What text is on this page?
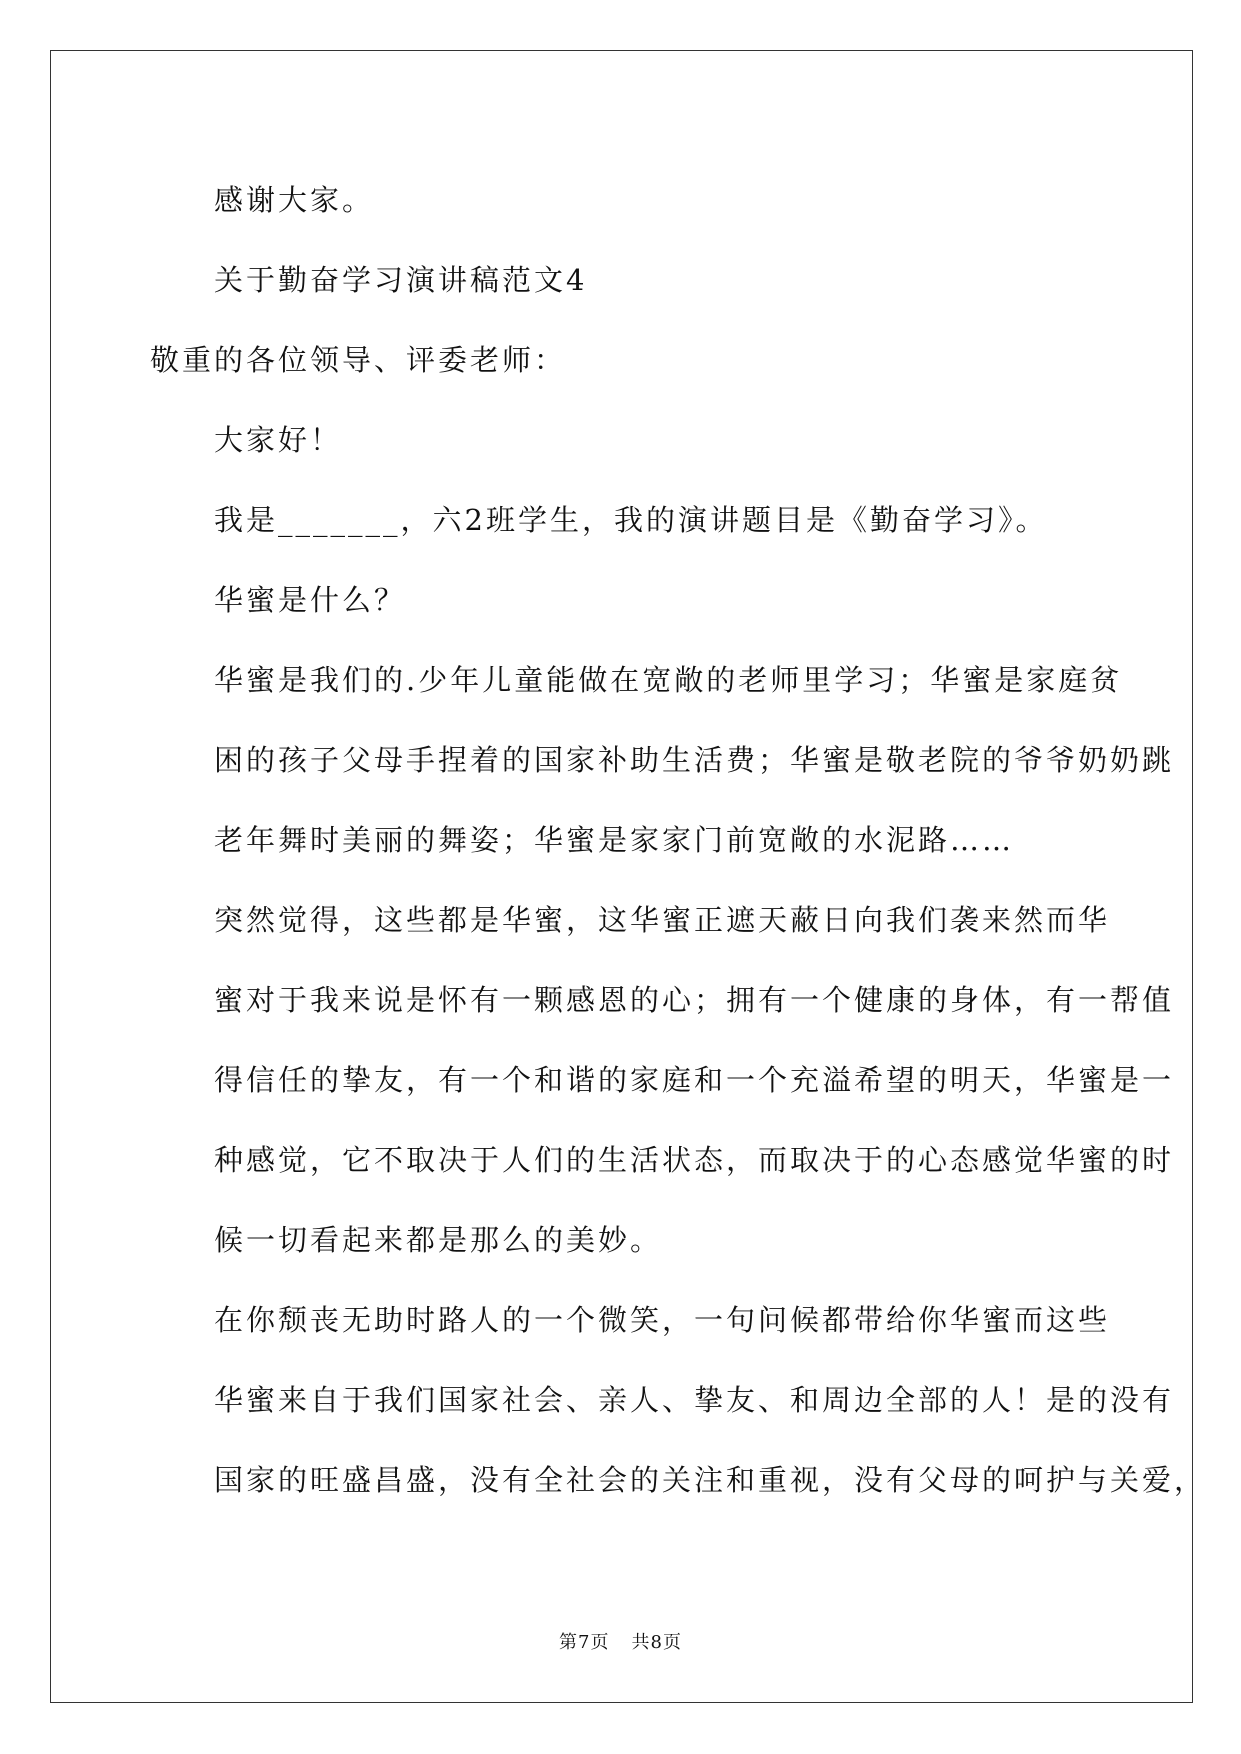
感谢大家。

关于勤奋学习演讲稿范文4

敬重的各位领导、评委老师：

大家好！

我是_______，六2班学生，我的演讲题目是《勤奋学习》。

华蜜是什么？

华蜜是我们的.少年儿童能做在宽敞的老师里学习；华蜜是家庭贫
困的孩子父母手捏着的国家补助生活费；华蜜是敬老院的爷爷奶奶跳
老年舞时美丽的舞姿；华蜜是家家门前宽敞的水泥路……

突然觉得，这些都是华蜜，这华蜜正遮天蔽日向我们袭来然而华
蜜对于我来说是怀有一颗感恩的心；拥有一个健康的身体，有一帮值
得信任的挚友，有一个和谐的家庭和一个充溢希望的明天，华蜜是一
种感觉，它不取决于人们的生活状态，而取决于的心态感觉华蜜的时
候一切看起来都是那么的美妙。

在你颓丧无助时路人的一个微笑，一句问候都带给你华蜜而这些
华蜜来自于我们国家社会、亲人、挚友、和周边全部的人！是的没有
国家的旺盛昌盛，没有全社会的关注和重视，没有父母的呵护与关爱，

第7页 共8页
